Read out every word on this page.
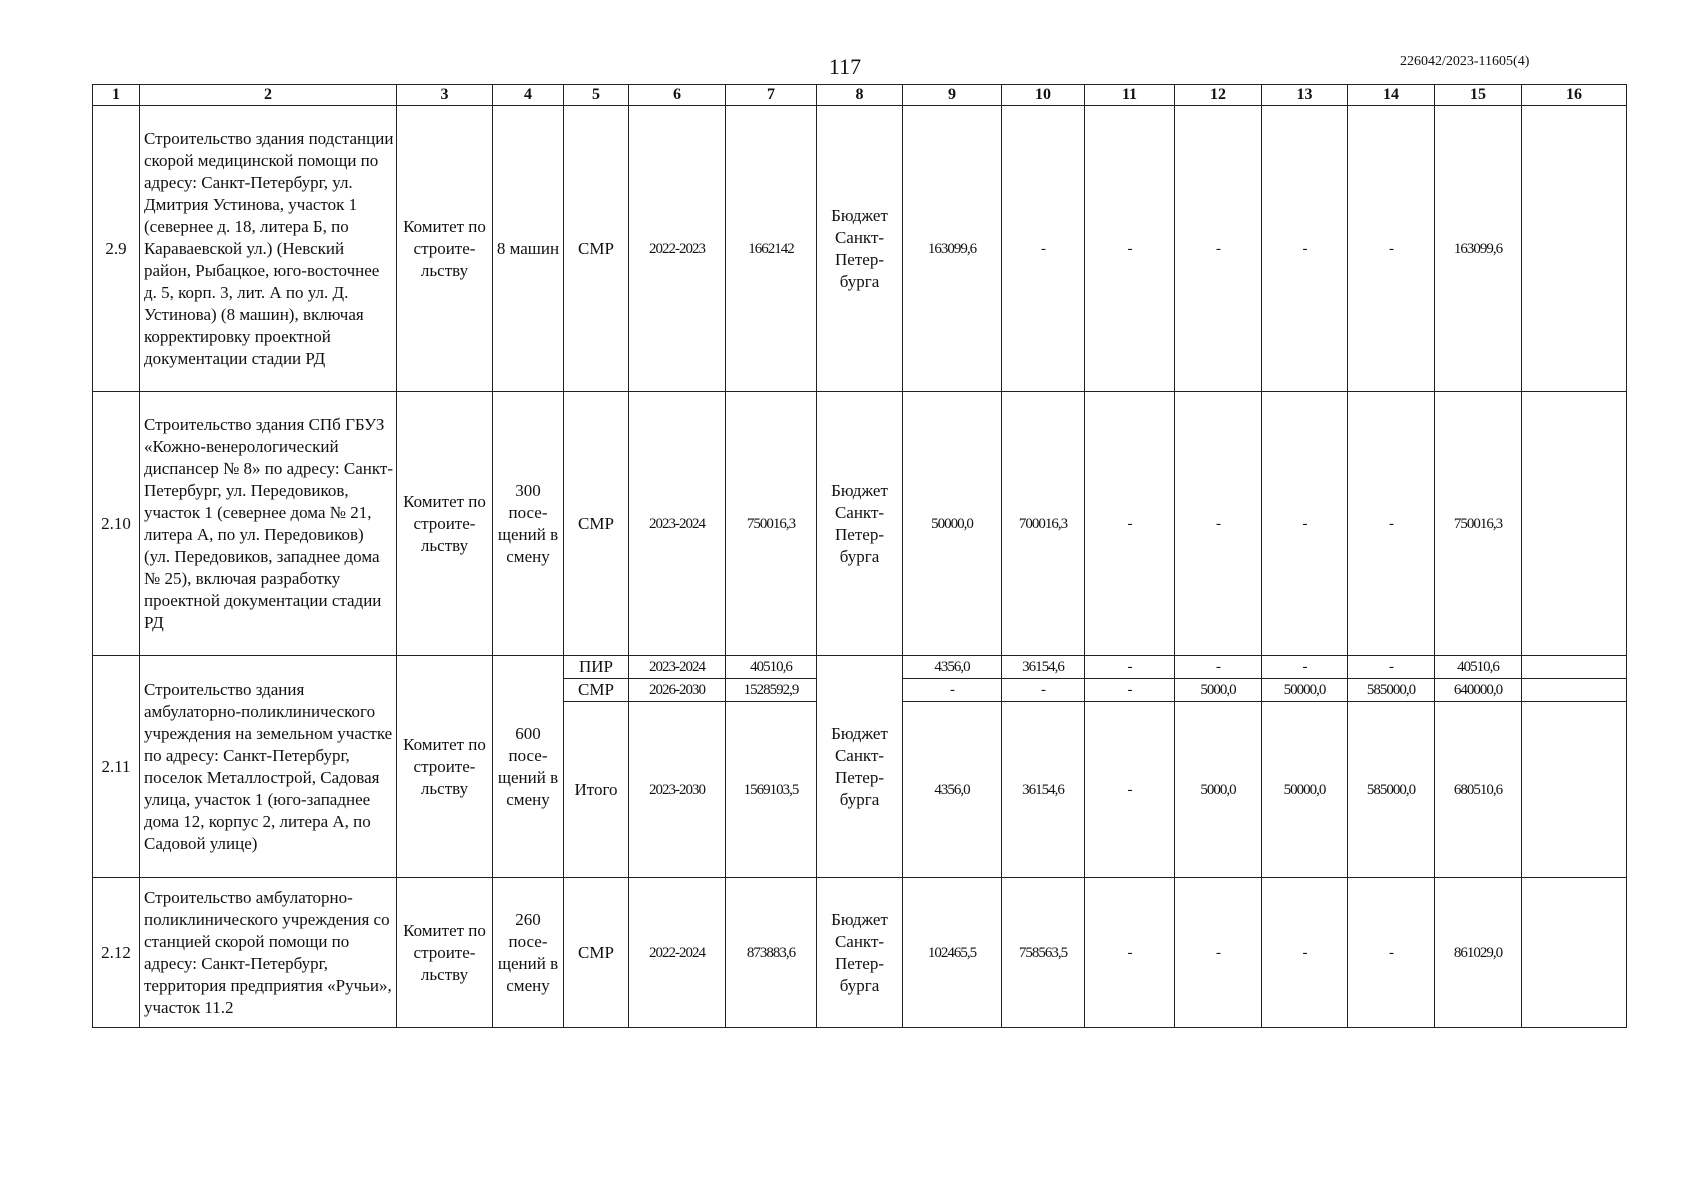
117	226042/2023-11605(4)
1	2	3	4	5	6	7	8	9	10	11	12	13	14	15	16
2.9	Строительство здания подстанции скорой медицинской помощи по адресу: Санкт-Петербург, ул. Дмитрия Устинова, участок 1 (севернее д. 18, литера Б, по Караваевской ул.) (Невский район, Рыбацкое, юго-восточнее д. 5, корп. 3, лит. А по ул. Д. Устинова) (8 машин), включая корректировку проектной документации стадии РД	Комитет по строите-льству	8 машин	СМР	2022-2023	1662142	Бюджет Санкт-Петер-бурга	163099,6	-	-	-	-	-	163099,6	
2.10	Строительство здания СПб ГБУЗ «Кожно-венерологический диспансер № 8» по адресу: Санкт-Петербург, ул. Передовиков, участок 1 (севернее дома № 21, литера А, по ул. Передовиков) (ул. Передовиков, западнее дома № 25), включая разработку проектной документации стадии РД	Комитет по строите-льству	300 посе-щений в смену	СМР	2023-2024	750016,3	Бюджет Санкт-Петер-бурга	50000,0	700016,3	-	-	-	-	750016,3	
2.11	Строительство здания амбулаторно-поликлинического учреждения на земельном участке по адресу: Санкт-Петербург, поселок Металлострой, Садовая улица, участок 1 (юго-западнее дома 12, корпус 2, литера А, по Садовой улице)	Комитет по строите-льству	600 посе-щений в смену	ПИР	2023-2024	40510,6	Бюджет Санкт-Петер-бурга	4356,0	36154,6	-	-	-	-	40510,6	
				СМР	2026-2030	1528592,9		-	-	-	5000,0	50000,0	585000,0	640000,0	
				Итого	2023-2030	1569103,5		4356,0	36154,6	-	5000,0	50000,0	585000,0	680510,6	
2.12	Строительство амбулаторно-поликлинического учреждения со станцией скорой помощи по адресу: Санкт-Петербург, территория предприятия «Ручьи», участок 11.2	Комитет по строите-льству	260 посе-щений в смену	СМР	2022-2024	873883,6	Бюджет Санкт-Петер-бурга	102465,5	758563,5	-	-	-	-	861029,0	
